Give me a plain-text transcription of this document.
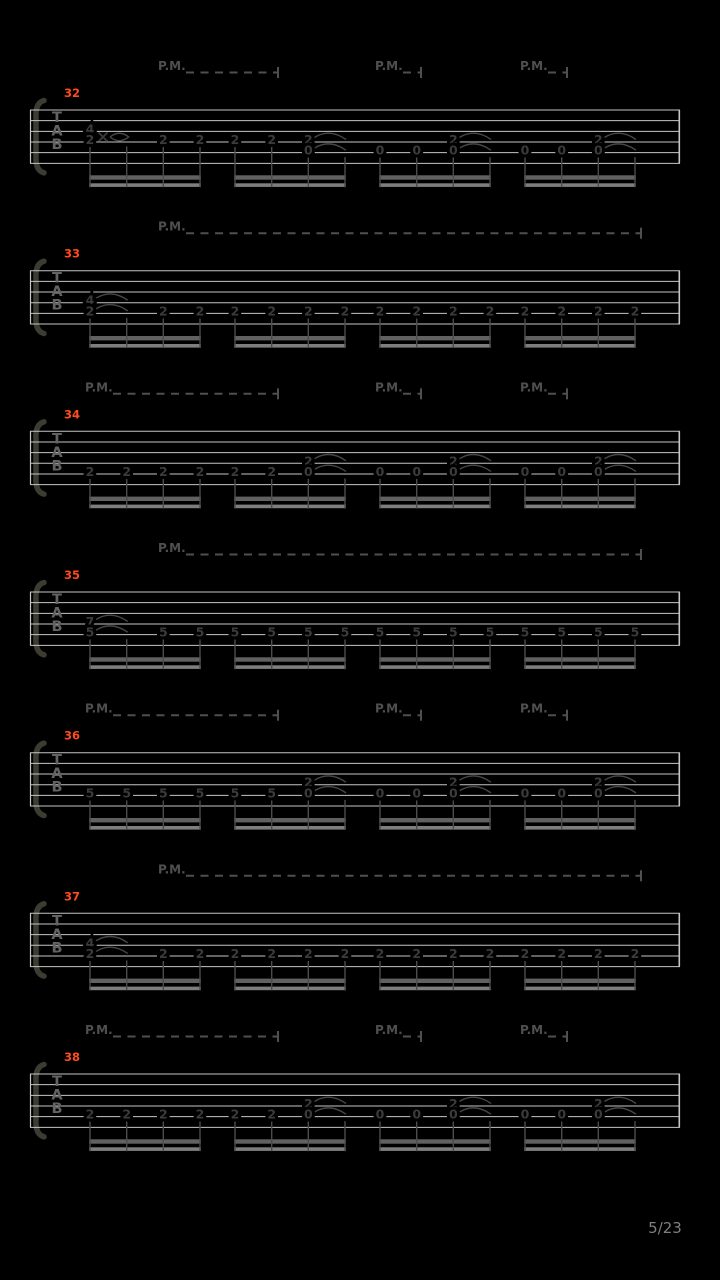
T
A
B
32
P.M.	P.M.	P.M.
4
2	2 2 2 2 2
0	0 0
2
0	0 0
2
0
T
A
B
33
P.M.
4
2	2 2 2 2 2 2 2 2 2 2 2 2 2 2
T
A
B
34
P.M.	P.M.	P.M.
2 2 2 2 2 2
2
0	0 0
2
0	0 0
2
0
T
A
B
35
P.M.
7
5	5 5 5 5 5 5 5 5 5 5 5 5 5 5
T
A
B
36
P.M.	P.M.	P.M.
5 5 5 5 5 5
2
0	0 0
2
0	0 0
2
0
T
A
B
37
P.M.
4
2	2 2 2 2 2 2 2 2 2 2 2 2 2 2
T
A
B
38
P.M.	P.M.	P.M.
2 2 2 2 2 2
2
0	0 0
2
0	0 0
2
0
5/23
